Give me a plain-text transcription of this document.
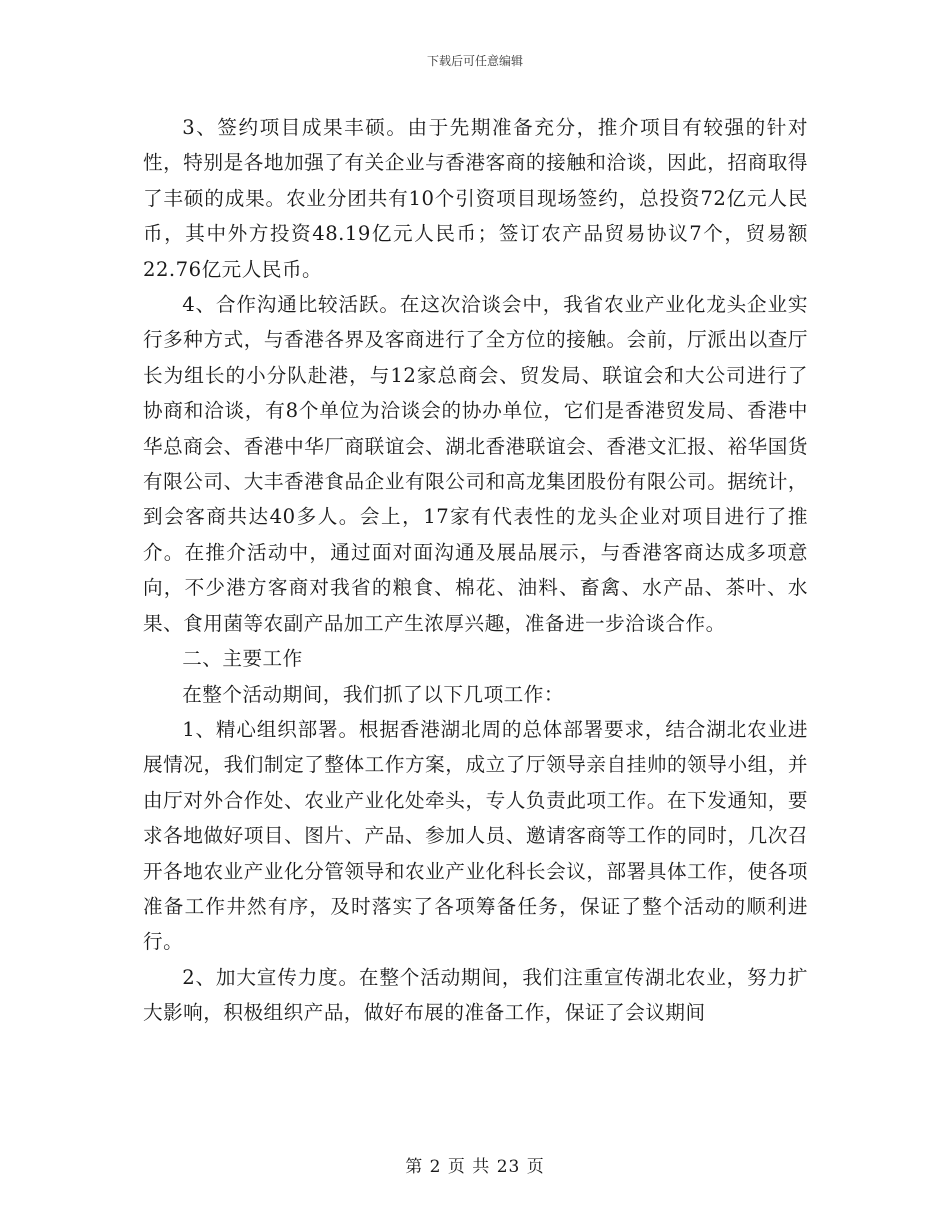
下载后可任意编辑

3、签约项目成果丰硕。由于先期准备充分，推介项目有较强的针对性，特别是各地加强了有关企业与香港客商的接触和洽谈，因此，招商取得了丰硕的成果。农业分团共有10个引资项目现场签约，总投资72亿元人民币，其中外方投资48.19亿元人民币；签订农产品贸易协议7个，贸易额22.76亿元人民币。

4、合作沟通比较活跃。在这次洽谈会中，我省农业产业化龙头企业实行多种方式，与香港各界及客商进行了全方位的接触。会前，厅派出以查厅长为组长的小分队赴港，与12家总商会、贸发局、联谊会和大公司进行了协商和洽谈，有8个单位为洽谈会的协办单位，它们是香港贸发局、香港中华总商会、香港中华厂商联谊会、湖北香港联谊会、香港文汇报、裕华国货有限公司、大丰香港食品企业有限公司和高龙集团股份有限公司。据统计，到会客商共达40多人。会上，17家有代表性的龙头企业对项目进行了推介。在推介活动中，通过面对面沟通及展品展示，与香港客商达成多项意向，不少港方客商对我省的粮食、棉花、油料、畜禽、水产品、茶叶、水果、食用菌等农副产品加工产生浓厚兴趣，准备进一步洽谈合作。

二、主要工作

在整个活动期间，我们抓了以下几项工作：

1、精心组织部署。根据香港湖北周的总体部署要求，结合湖北农业进展情况，我们制定了整体工作方案，成立了厅领导亲自挂帅的领导小组，并由厅对外合作处、农业产业化处牵头，专人负责此项工作。在下发通知，要求各地做好项目、图片、产品、参加人员、邀请客商等工作的同时，几次召开各地农业产业化分管领导和农业产业化科长会议，部署具体工作，使各项准备工作井然有序，及时落实了各项筹备任务，保证了整个活动的顺利进行。

2、加大宣传力度。在整个活动期间，我们注重宣传湖北农业，努力扩大影响，积极组织产品，做好布展的准备工作，保证了会议期间

第 2 页 共 23 页
